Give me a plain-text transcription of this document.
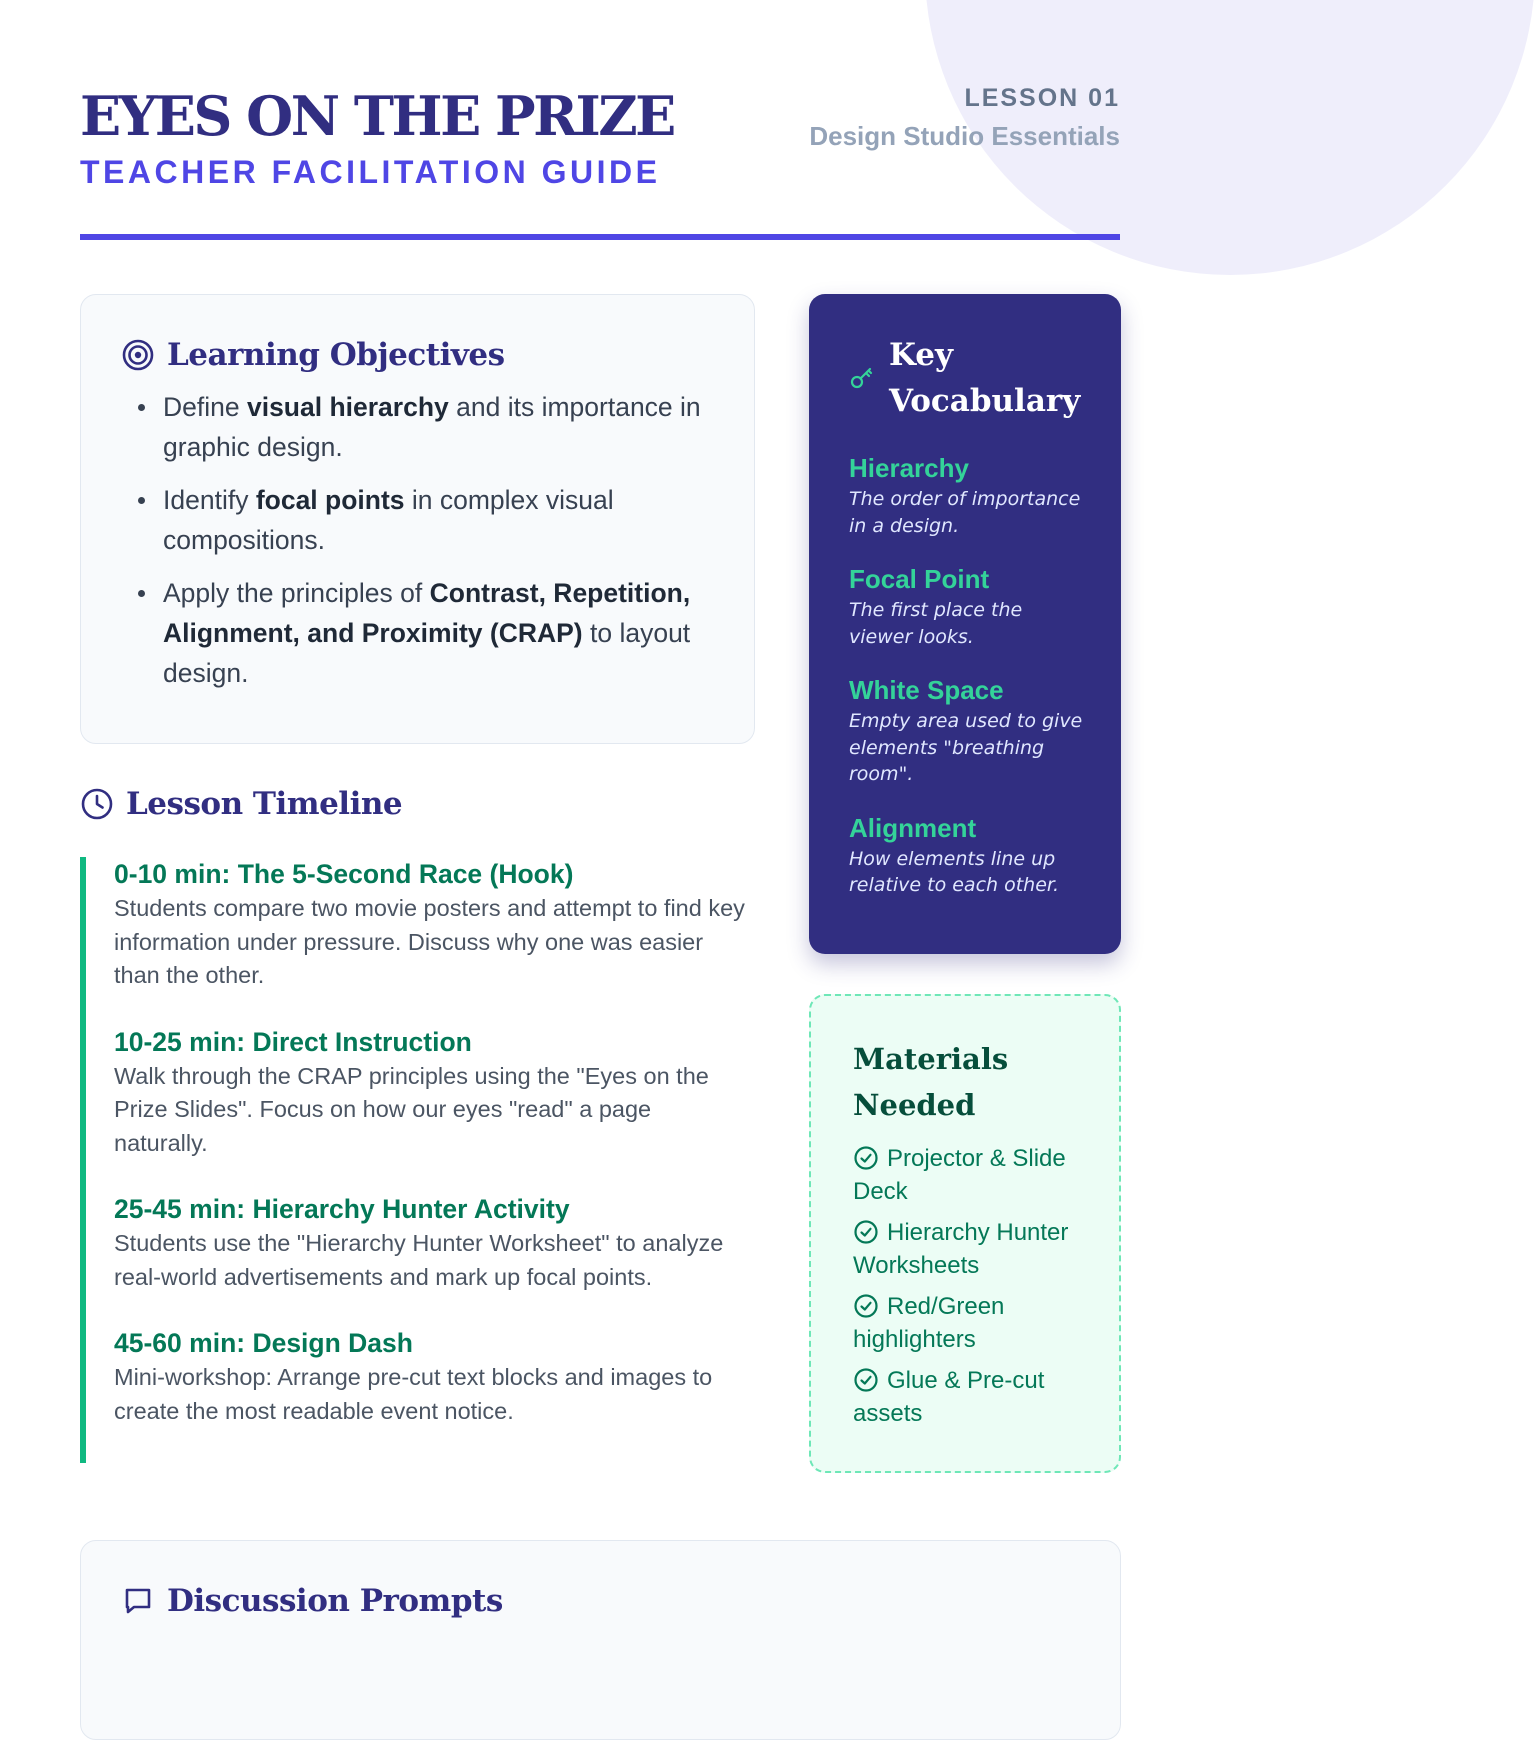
EYES ON THE PRIZE
TEACHER FACILITATION GUIDE
LESSON 01
Design Studio Essentials
Learning Objectives
Define visual hierarchy and its importance in graphic design.
Identify focal points in complex visual compositions.
Apply the principles of Contrast, Repetition, Alignment, and Proximity (CRAP) to layout design.
Lesson Timeline
0-10 min: The 5-Second Race (Hook)
Students compare two movie posters and attempt to find key information under pressure. Discuss why one was easier than the other.
10-25 min: Direct Instruction
Walk through the CRAP principles using the "Eyes on the Prize Slides". Focus on how our eyes "read" a page naturally.
25-45 min: Hierarchy Hunter Activity
Students use the "Hierarchy Hunter Worksheet" to analyze real-world advertisements and mark up focal points.
45-60 min: Design Dash
Mini-workshop: Arrange pre-cut text blocks and images to create the most readable event notice.
Key Vocabulary
Hierarchy
The order of importance in a design.
Focal Point
The first place the viewer looks.
White Space
Empty area used to give elements "breathing room".
Alignment
How elements line up relative to each other.
Materials Needed
Projector & Slide Deck
Hierarchy Hunter Worksheets
Red/Green highlighters
Glue & Pre-cut assets
Discussion Prompts
